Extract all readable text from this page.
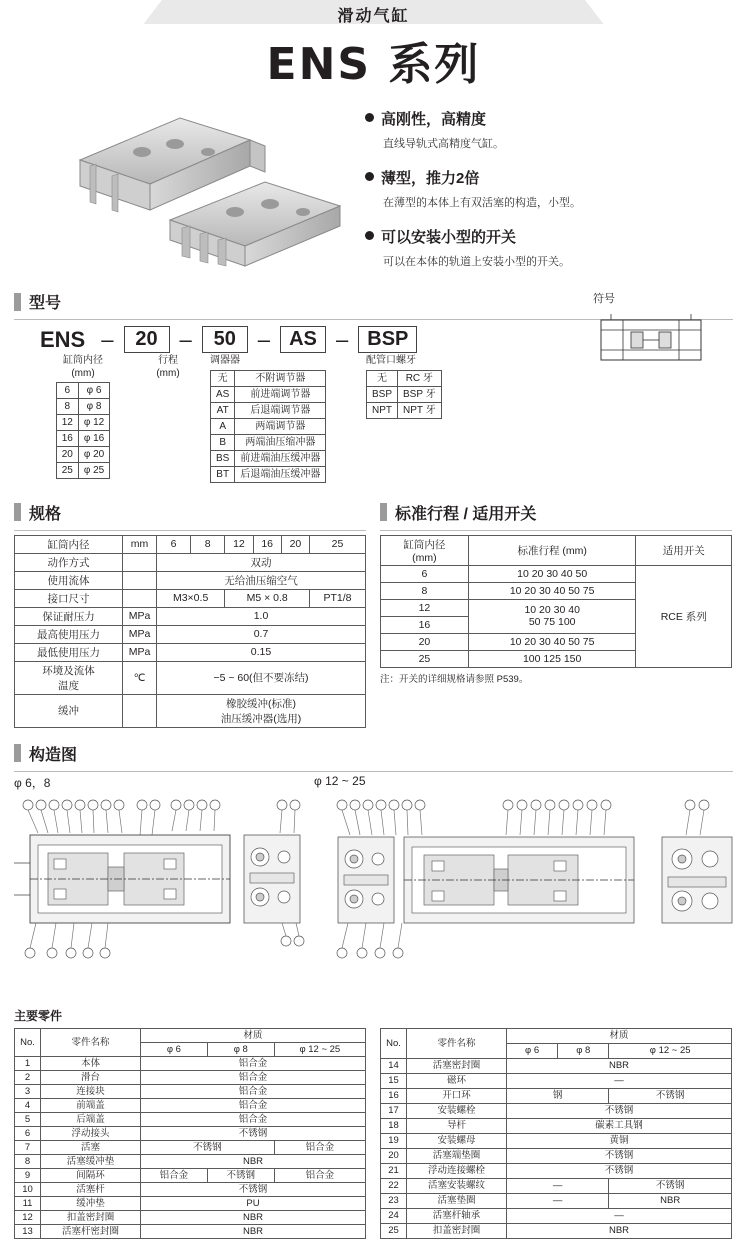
滑动气缸
ENS 系列
高刚性，高精度
直线导轨式高精度气缸。
薄型，推力2倍
在薄型的本体上有双活塞的构造，小型。
可以安装小型的开关
可以在本体的轨道上安装小型的开关。
型号
ENS –	20 –	50 – AS – BSP
缸筒内径
(mm)
6	φ 6
8	φ 8
12	φ 12
16	φ 16
20	φ 20
25	φ 25
行程
(mm)
调器器
无	不附调节器
AS	前进端调节器
AT	后退端调节器
A	两端调节器
B	两端油压缩冲器
BS	前进端油压缓冲器
BT	后退端油压缓冲器
配管口螺牙
无	RC 牙
BSP	BSP 牙
NPT	NPT 牙
符号
规格
缸筒内径	mm	6	8	12	16	20	25
动作方式		双动					
使用流体		无给油压缩空气					
接口尺寸		M3×0.5		M5 × 0.8			PT1/8
保证耐压力	MPa	1.0					
最高使用压力	MPa	0.7					
最低使用压力	MPa	0.15					
环境及流体
温度	℃	−5 ~ 60(但不要冻结)					
缓冲		橡胶缓冲(标准)
油压缓冲器(选用)					
标准行程 / 适用开关
缸筒内径
(mm)	标准行程 (mm)	适用开关
6	10 20 30 40 50	RCE 系列
8	10 20 30 40 50 75	
12	10 20 30 40
50 75 100	
16		
20	10 20 30 40 50 75	
25	100 125 150	
注：开关的详细规格请参照 P539。
构造图
φ 6，8	φ 12 ~ 25
主要零件
No.	零件名称	材质		
		φ 6	φ 8	φ 12 ~ 25
1	本体	铝合金		
2	滑台	铝合金		
3	连接块	铝合金		
4	前端盖	铝合金		
5	后端盖	铝合金		
6	浮动接头	不锈钢		
7	活塞	不锈钢		铝合金
8	活塞缓冲垫	NBR		
9	间隔环	铝合金	不锈钢	铝合金
10	活塞杆	不锈钢		
11	缓冲垫	PU		
12	扣盖密封圈	NBR		
13	活塞杆密封圈	NBR		
No.	零件名称	材质		
		φ 6	φ 8	φ 12 ~ 25
14	活塞密封圈	NBR		
15	磁环	—		
16	开口环	钢		不锈钢
17	安装螺栓	不锈钢		
18	导杆	碳素工具钢		
19	安装螺母	黄铜		
20	活塞端垫圈	不锈钢		
21	浮动连接螺栓	不锈钢		
22	活塞安装螺纹	—		不锈钢
23	活塞垫圈	—		NBR
24	活塞杆轴承	—		
25	扣盖密封圈	NBR		
